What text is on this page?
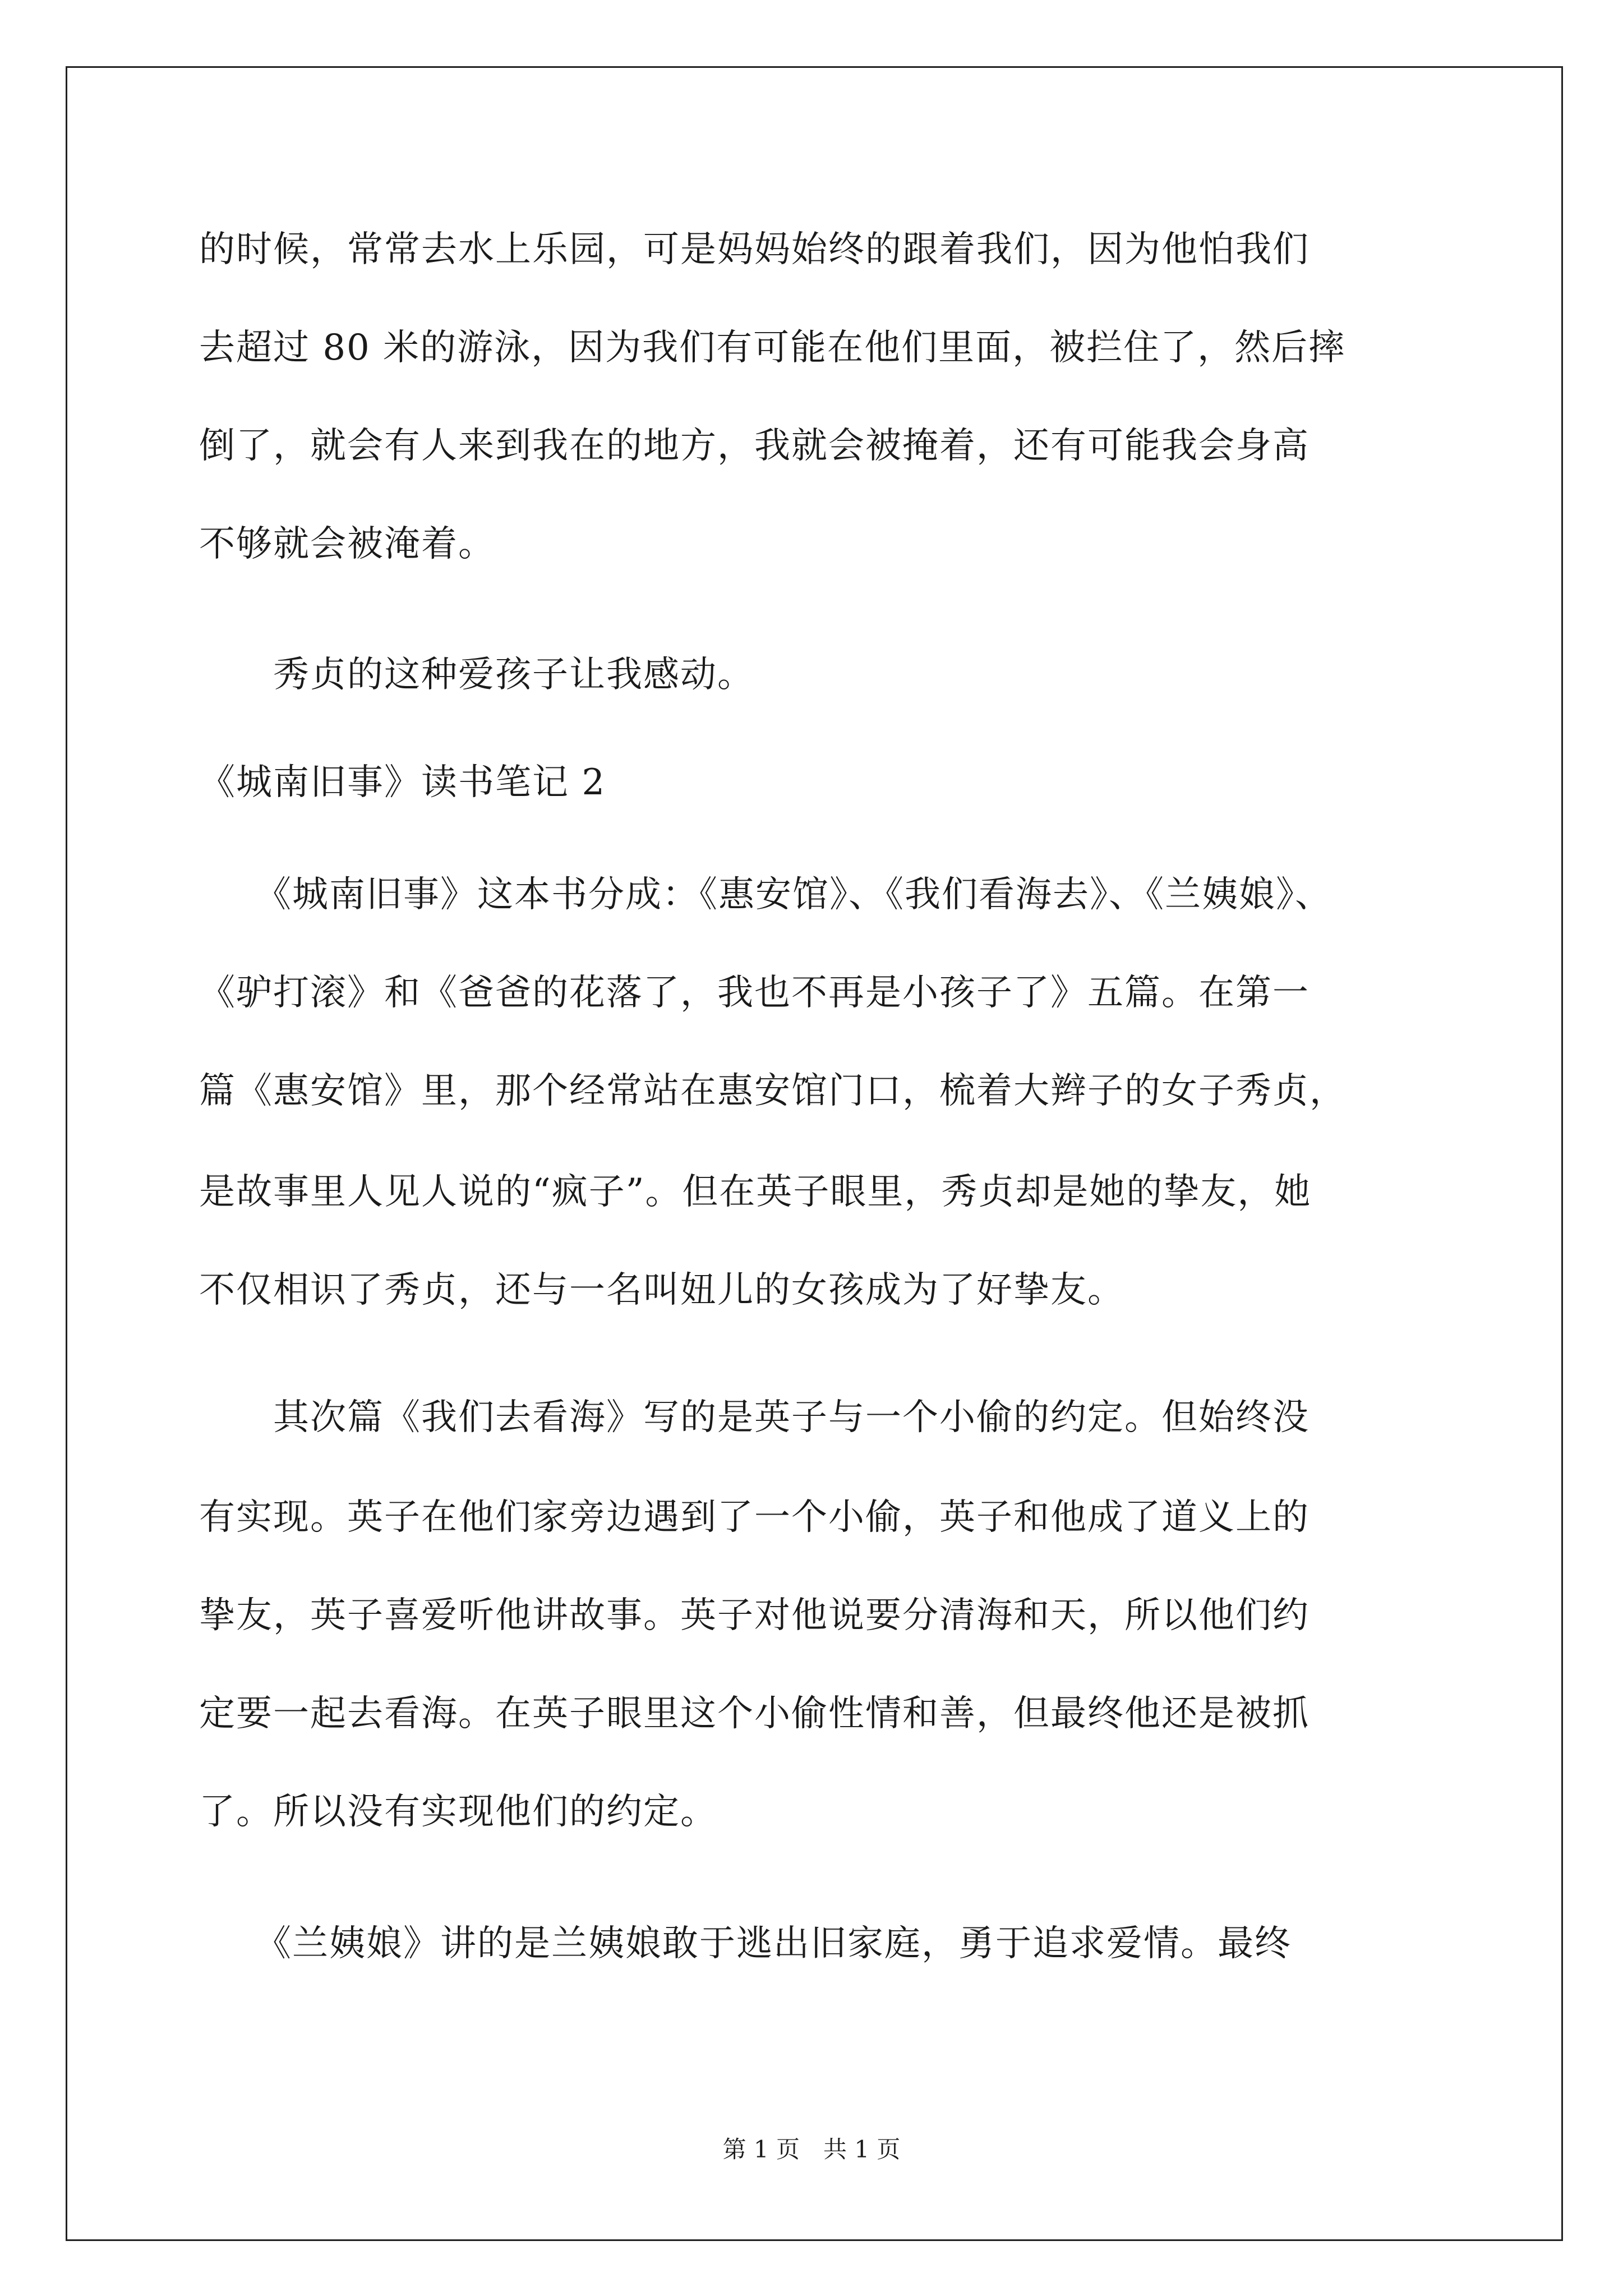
的时候，常常去水上乐园，可是妈妈始终的跟着我们，因为他怕我们
去超过 80 米的游泳，因为我们有可能在他们里面，被拦住了，然后摔
倒了，就会有人来到我在的地方，我就会被掩着，还有可能我会身高
不够就会被淹着。
　　秀贞的这种爱孩子让我感动。
《城南旧事》读书笔记 2
　　《城南旧事》这本书分成：《惠安馆》、《我们看海去》、《兰姨娘》、
《驴打滚》和《爸爸的花落了，我也不再是小孩子了》五篇。在第一
篇《惠安馆》里，那个经常站在惠安馆门口，梳着大辫子的女子秀贞，
是故事里人见人说的“疯子”。但在英子眼里，秀贞却是她的挚友，她
不仅相识了秀贞，还与一名叫妞儿的女孩成为了好挚友。
　　其次篇《我们去看海》写的是英子与一个小偷的约定。但始终没
有实现。英子在他们家旁边遇到了一个小偷，英子和他成了道义上的
挚友，英子喜爱听他讲故事。英子对他说要分清海和天，所以他们约
定要一起去看海。在英子眼里这个小偷性情和善，但最终他还是被抓
了。所以没有实现他们的约定。
　　《兰姨娘》讲的是兰姨娘敢于逃出旧家庭，勇于追求爱情。最终
第 1 页　共 1 页
